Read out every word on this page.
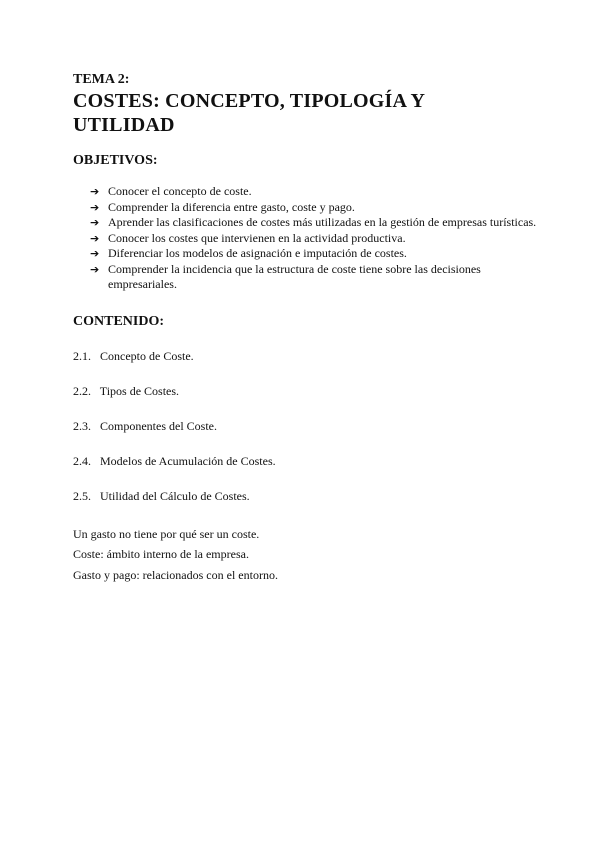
TEMA 2:

COSTES: CONCEPTO, TIPOLOGÍA Y
UTILIDAD
OBJETIVOS:
➔ Conocer el concepto de coste.
➔ Comprender la diferencia entre gasto, coste y pago.
➔ Aprender las clasificaciones de costes más utilizadas en la gestión de empresas turísticas.
➔ Conocer los costes que intervienen en la actividad productiva.
➔ Diferenciar los modelos de asignación e imputación de costes.
➔ Comprender la incidencia que la estructura de coste tiene sobre las decisiones empresariales.
CONTENIDO:
2.1. Concepto de Coste.
2.2. Tipos de Costes.
2.3. Componentes del Coste.
2.4. Modelos de Acumulación de Costes.
2.5. Utilidad del Cálculo de Costes.

Un gasto no tiene por qué ser un coste.

Coste: ámbito interno de la empresa.

Gasto y pago: relacionados con el entorno.
